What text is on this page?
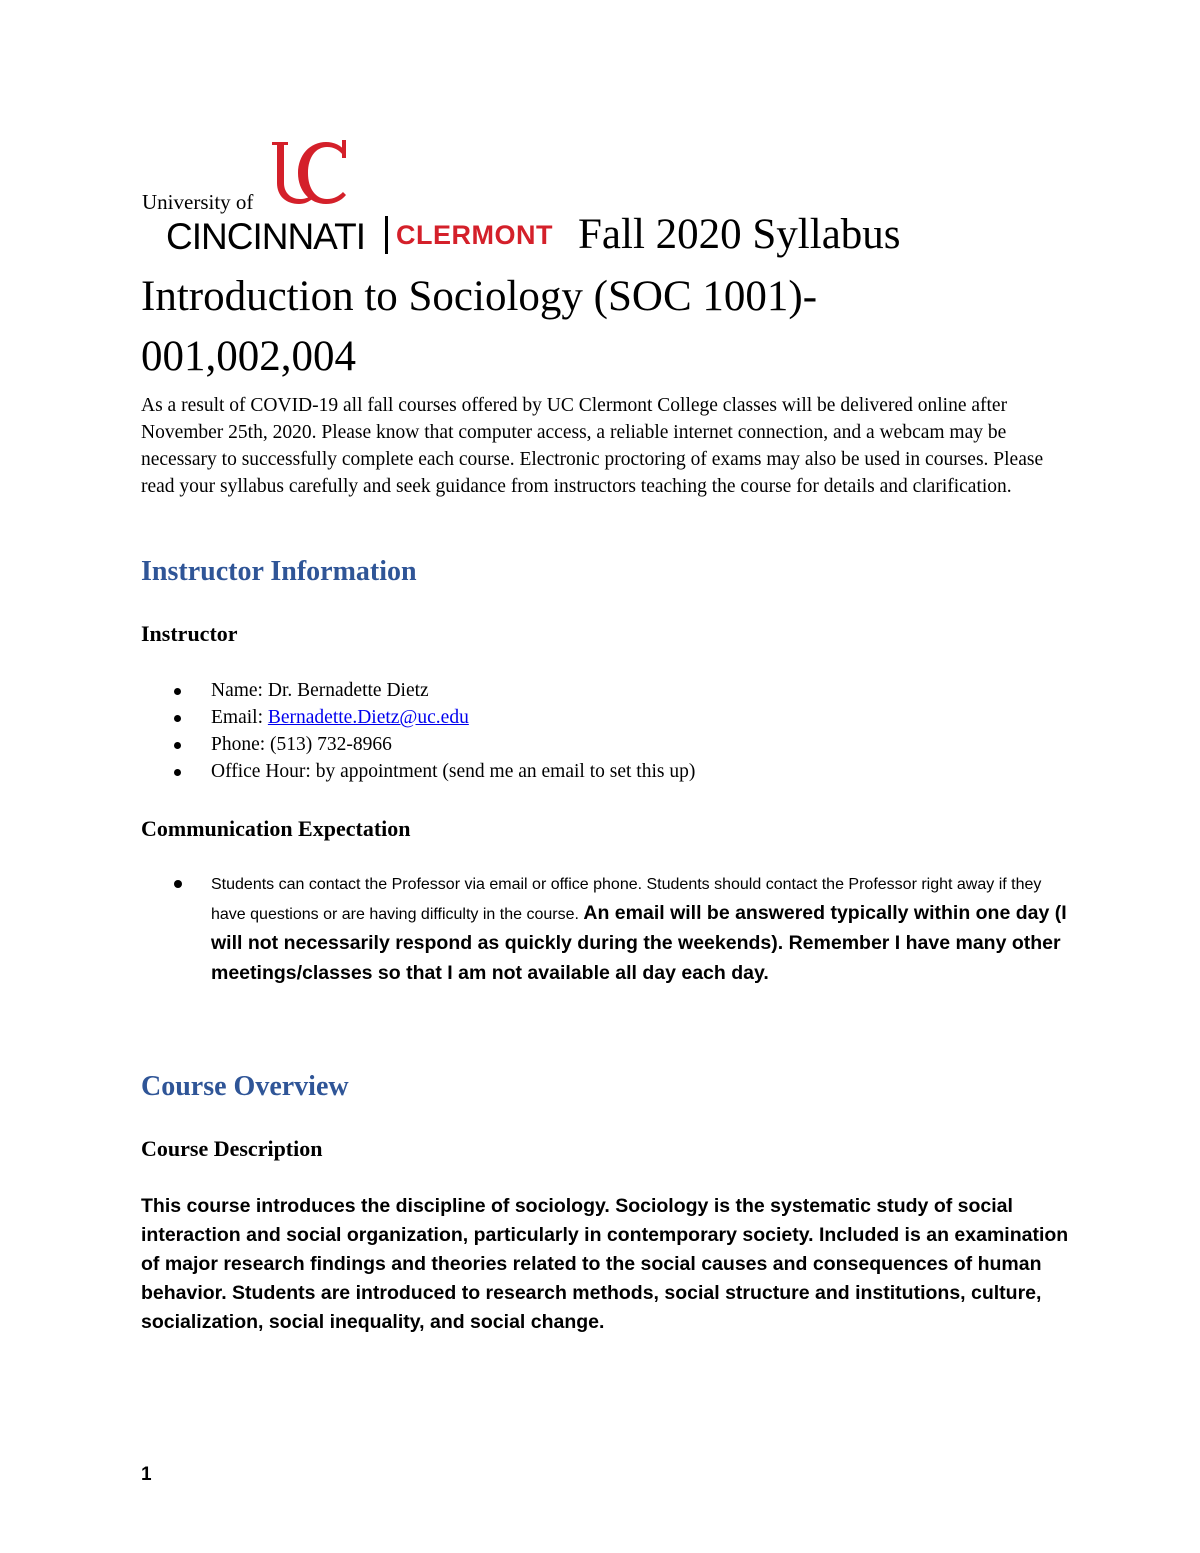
University of
CINCINNATI CLERMONT Fall 2020 Syllabus
Introduction to Sociology (SOC 1001)-
001,002,004
As a result of COVID-19 all fall courses offered by UC Clermont College classes will be delivered online after November 25th, 2020. Please know that computer access, a reliable internet connection, and a webcam may be necessary to successfully complete each course. Electronic proctoring of exams may also be used in courses. Please read your syllabus carefully and seek guidance from instructors teaching the course for details and clarification.
Instructor Information
Instructor
Name: Dr. Bernadette Dietz
Email: Bernadette.Dietz@uc.edu
Phone: (513) 732-8966
Office Hour: by appointment (send me an email to set this up)
Communication Expectation
Students can contact the Professor via email or office phone. Students should contact the Professor right away if they have questions or are having difficulty in the course. An email will be answered typically within one day (I will not necessarily respond as quickly during the weekends). Remember I have many other meetings/classes so that I am not available all day each day.
Course Overview
Course Description
This course introduces the discipline of sociology. Sociology is the systematic study of social interaction and social organization, particularly in contemporary society. Included is an examination of major research findings and theories related to the social causes and consequences of human behavior. Students are introduced to research methods, social structure and institutions, culture, socialization, social inequality, and social change.
1
